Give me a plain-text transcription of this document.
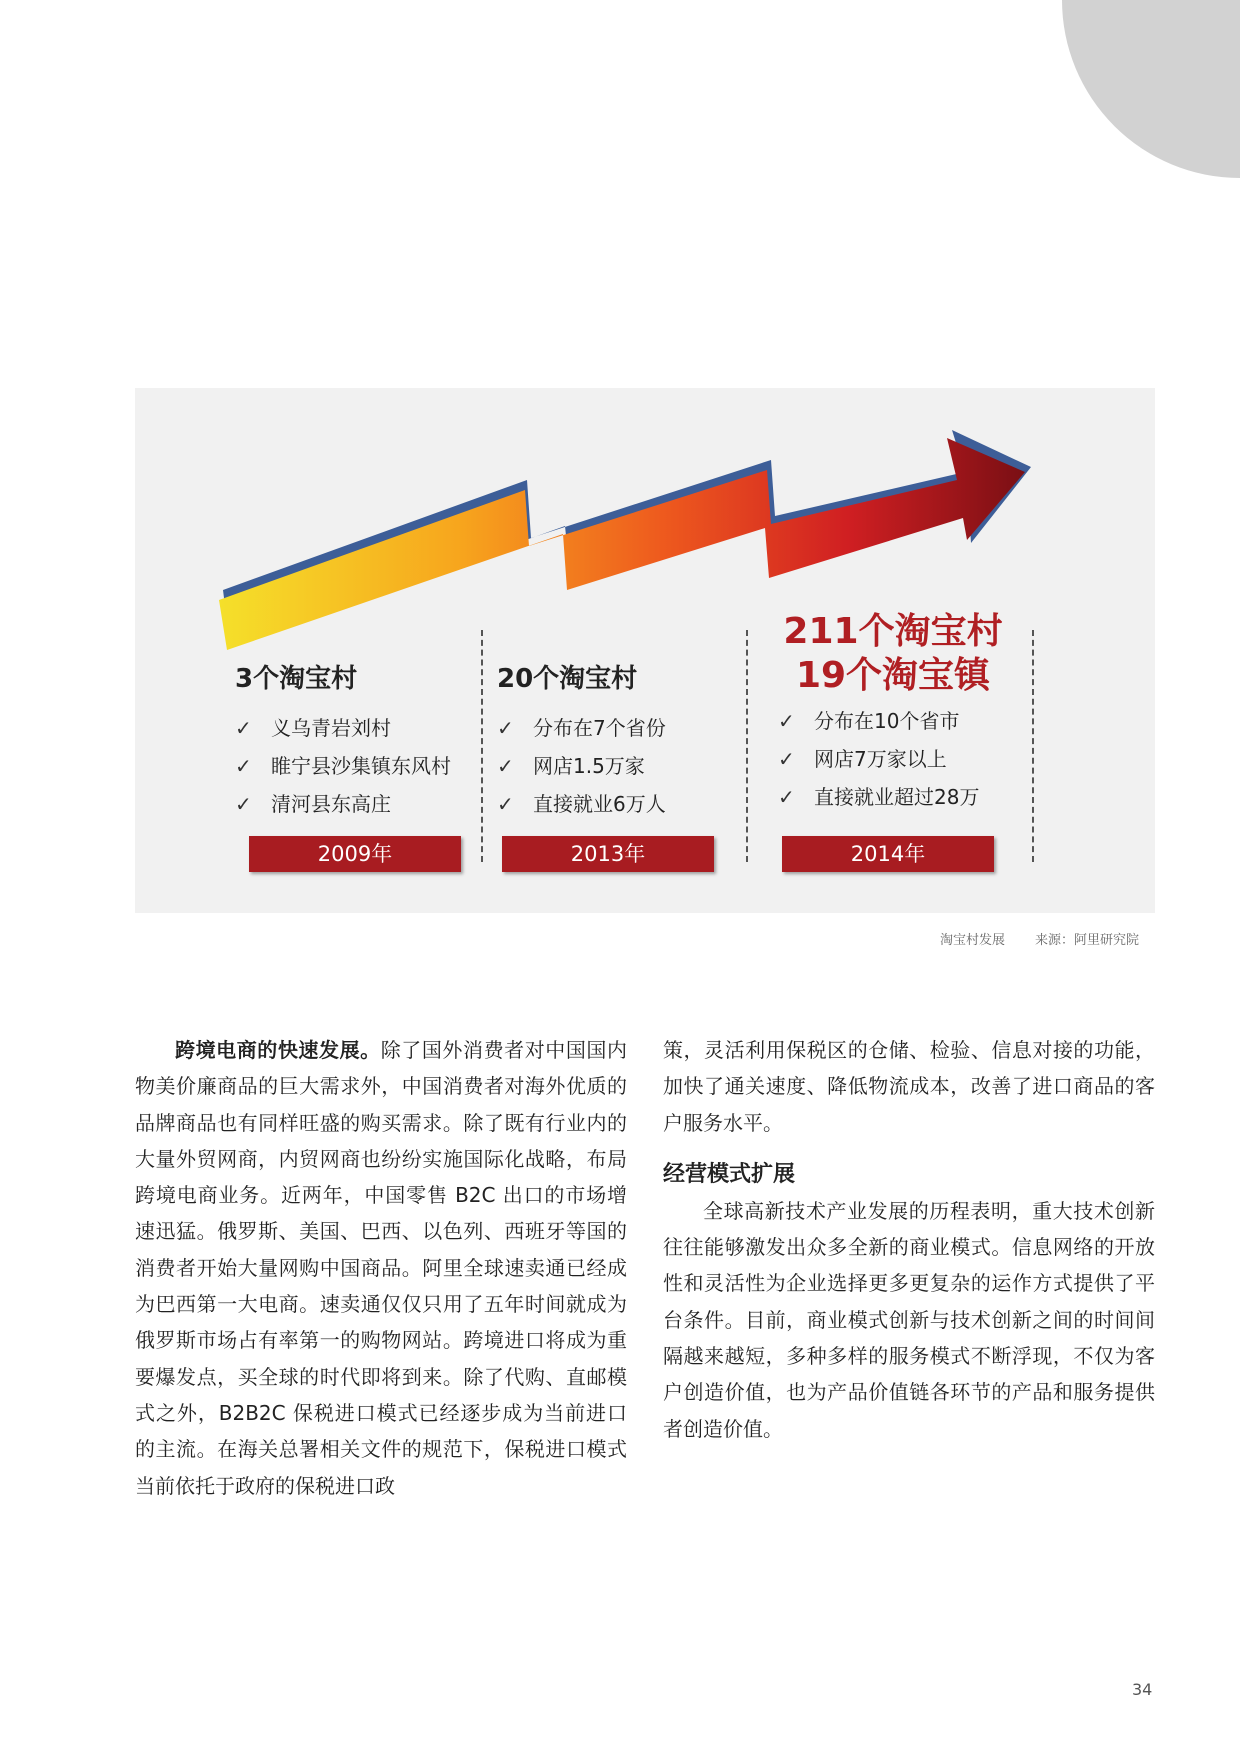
3个淘宝村
✓ 义乌青岩刘村
✓ 睢宁县沙集镇东风村
✓ 清河县东高庄
20个淘宝村
✓ 分布在7个省份
✓ 网店1.5万家
✓ 直接就业6万人
211个淘宝村
19个淘宝镇
✓ 分布在10个省市
✓ 网店7万家以上
✓ 直接就业超过28万
2009年	2013年	2014年
淘宝村发展 来源：阿里研究院

跨境电商的快速发展。除了国外消费者对中国国内物美价廉商品的巨大需求外，中国消费者对海外优质的品牌商品也有同样旺盛的购买需求。除了既有行业内的大量外贸网商，内贸网商也纷纷实施国际化战略，布局跨境电商业务。近两年，中国零售 B2C 出口的市场增速迅猛。俄罗斯、美国、巴西、以色列、西班牙等国的消费者开始大量网购中国商品。阿里全球速卖通已经成为巴西第一大电商。速卖通仅仅只用了五年时间就成为俄罗斯市场占有率第一的购物网站。跨境进口将成为重要爆发点，买全球的时代即将到来。除了代购、直邮模式之外，B2B2C 保税进口模式已经逐步成为当前进口的主流。在海关总署相关文件的规范下，保税进口模式当前依托于政府的保税进口政

策，灵活利用保税区的仓储、检验、信息对接的功能，加快了通关速度、降低物流成本，改善了进口商品的客户服务水平。

经营模式扩展

全球高新技术产业发展的历程表明，重大技术创新往往能够激发出众多全新的商业模式。信息网络的开放性和灵活性为企业选择更多更复杂的运作方式提供了平台条件。目前，商业模式创新与技术创新之间的时间间隔越来越短，多种多样的服务模式不断浮现，不仅为客户创造价值，也为产品价值链各环节的产品和服务提供者创造价值。

34
